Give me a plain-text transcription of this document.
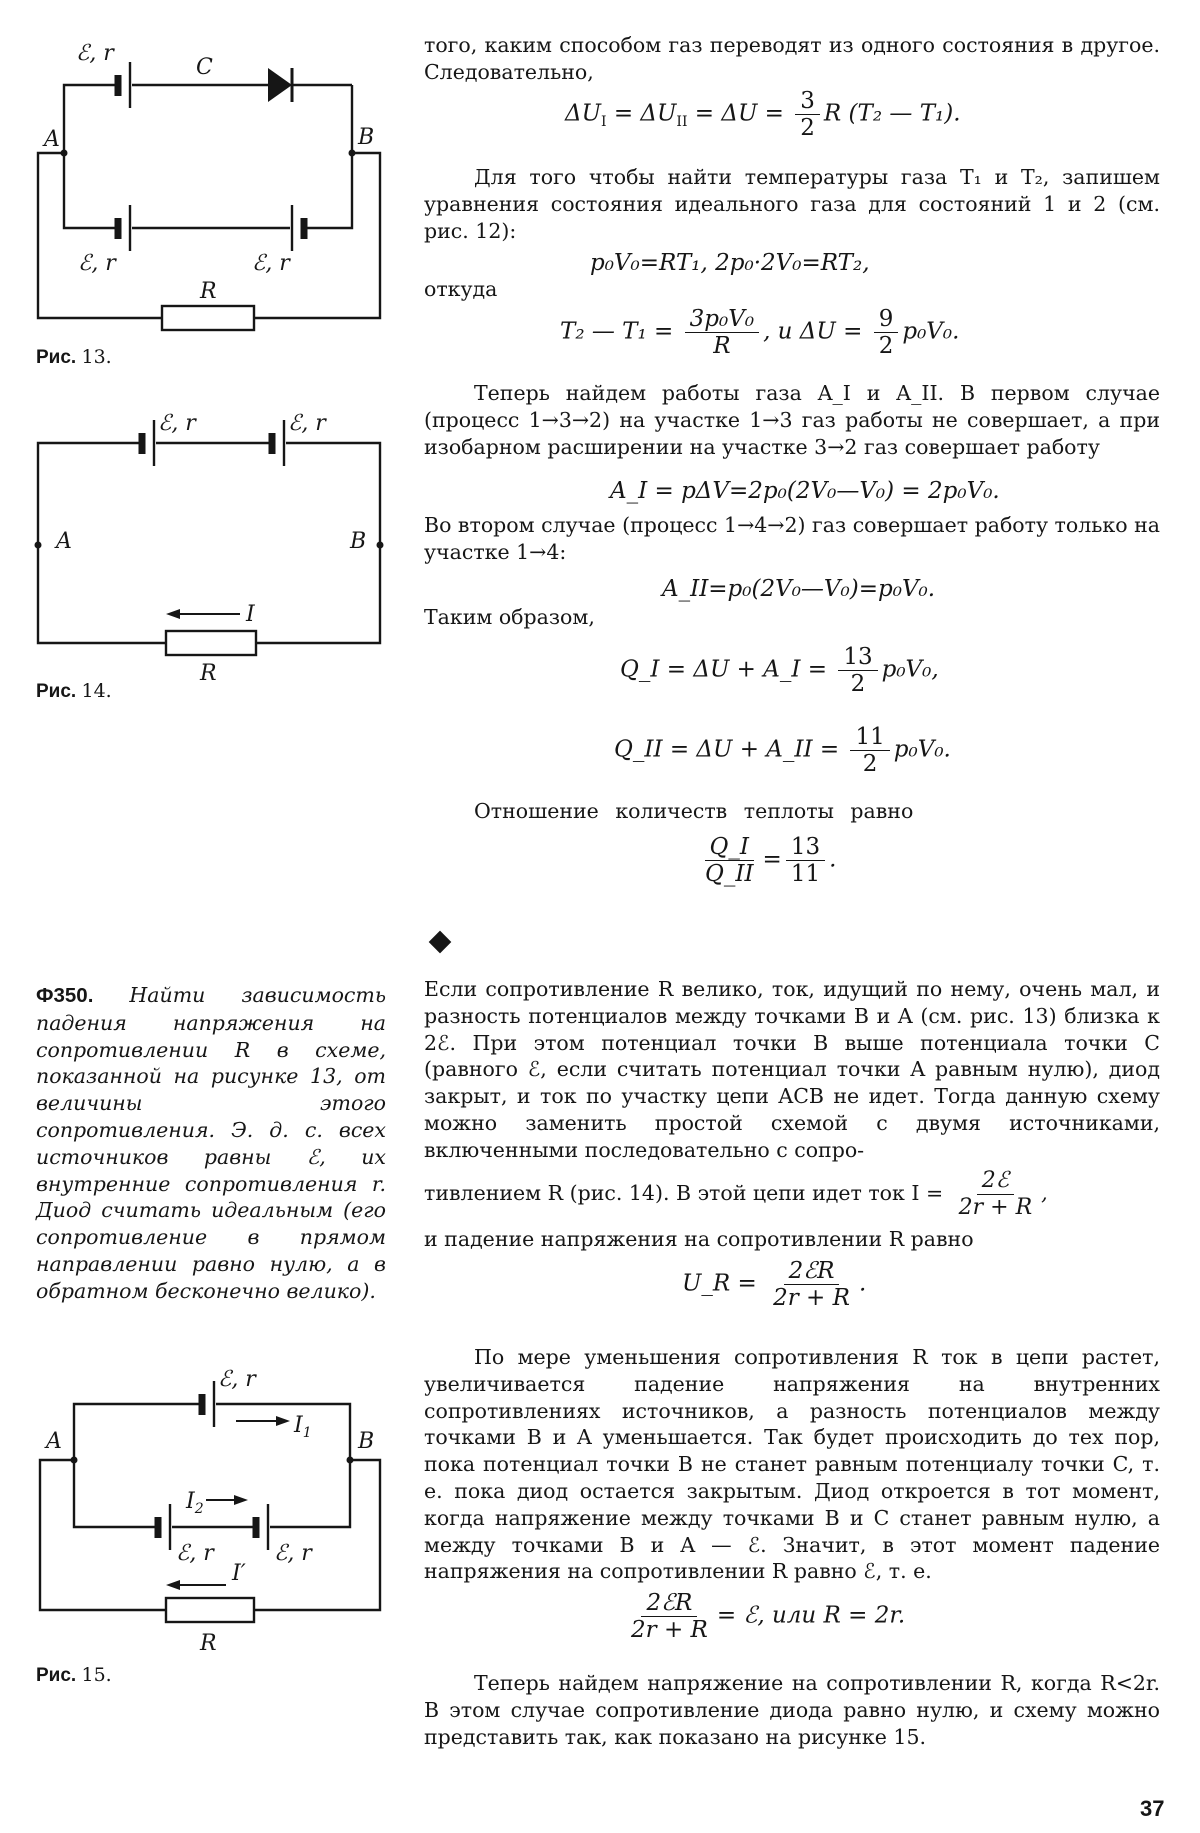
ℰ, r
C
A	B
ℰ, r	ℰ, r
R
Рис. 13.
ℰ, r	ℰ, r
A	B
I
R
Рис. 14.
ℰ, r
$I_1$
A	B
$I_2$
ℰ, r	ℰ, r
I′
R
Рис. 15.

того, каким способом газ переводят из одного состояния в другое. Следовательно,

$\Delta U_I = \Delta U_{II} = \Delta U = \frac{3}{2}$ R (T₂ — T₁).

Для того чтобы найти температуры газа T₁ и T₂, запишем уравнения состояния идеального газа для состояний 1 и 2 (см. рис. 12):

p₀V₀=RT₁, 2p₀·2V₀=RT₂,
откуда
T₂ — $T_1 = \frac{\text{3p₀V₀}}{R}$ , и $\Delta U = \frac{9}{2} p_0V_0$.

Теперь найдем работы газа A_I и A_II. В первом случае (процесс 1→3→2) на участке 1→3 газ работы не совершает, а при изобарном расширении на участке 3→2 газ совершает работу

A_I = pΔV=2p₀(2V₀—V₀) = 2p₀V₀.

Во втором случае (процесс 1→4→2) газ совершает работу только на участке 1→4:

A_II=p₀(2V₀—V₀)=p₀V₀.

Таким образом,

Q_I = ΔU + A_I = $\frac{13}{2} p_0V_0$,
Q_II = ΔU + A_II = $\frac{11}{2} p_0V_0$.

Отношение количеств теплоты равно

$\frac{Q\_I}{Q\_II} = \frac{13}{11}$ .

Ф350. Найти зависимость падения напряжения на сопротивлении R в схеме, показанной на рисунке 13, от величины этого сопротивления. Э. д. с. всех источников равны ℰ, их внутренние сопротивления r. Диод считать идеальным (его сопротивление в прямом направлении равно нулю, а в обратном бесконечно велико).

Если сопротивление R велико, ток, идущий по нему, очень мал, и разность потенциалов между точками B и A (см. рис. 13) близка к 2ℰ. При этом потенциал точки B выше потенциала точки C (равного ℰ, если считать потенциал точки A равным нулю), диод закрыт, и ток по участку цепи ACB не идет. Тогда данную схему можно заменить простой схемой с двумя источниками, включенными последовательно с сопро-

тивлением R (рис. 14). В этой цепи идет ток I = 2ℰ
2r + R
,

и падение напряжения на сопротивлении R равно

U_R = 2ℰR
2r + R
.

По мере уменьшения сопротивления R ток в цепи растет, увеличивается падение напряжения на внутренних сопротивлениях источников, а разность потенциалов между точками B и A уменьшается. Так будет происходить до тех пор, пока потенциал точки B не станет равным потенциалу точки C, т. е. пока диод остается закрытым. Диод откроется в тот момент, когда напряжение между точками B и C станет равным нулю, а между точками B и A — ℰ. Значит, в этот момент падение напряжения на сопротивлении R равно ℰ, т. е.

2ℰR
2r + R
= ℰ, или R = 2r.

Теперь найдем напряжение на сопротивлении R, когда R<2r. В этом случае сопротивление диода равно нулю, и схему можно представить так, как показано на рисунке 15.

37
